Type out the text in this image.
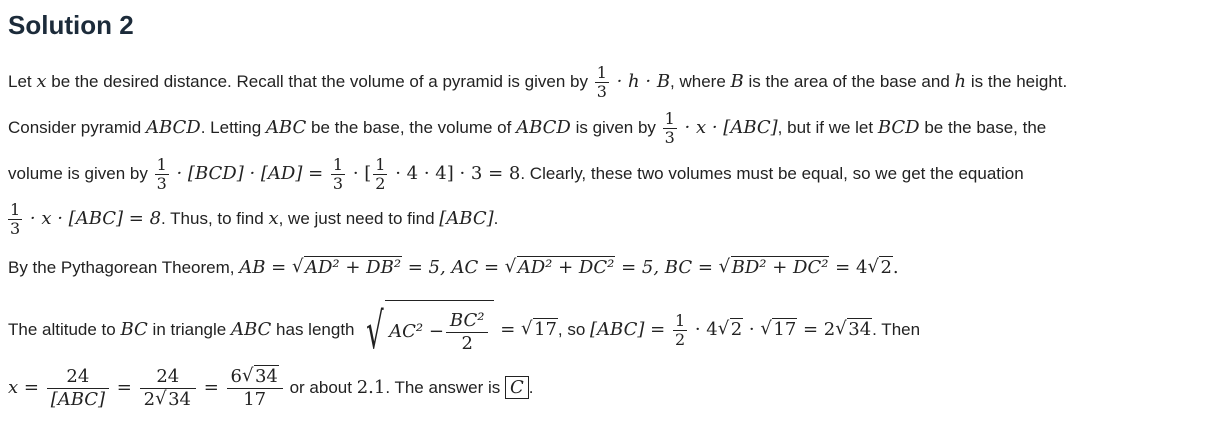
Solution 2
Let x be the desired distance. Recall that the volume of a pyramid is given by $\frac{1}{3} \cdot h \cdot B$, where B is the area of the base and h is the height.
Consider pyramid ABCD. Letting ABC be the base, the volume of ABCD is given by $\frac{1}{3} \cdot x \cdot [ABC]$, but if we let BCD be the base, the
volume is given by $\frac{1}{3} \cdot [BCD] \cdot [AD] = \frac{1}{3}$ · [ $\frac{1}{2} \cdot 4 \cdot 4] \cdot 3 = 8$. Clearly, these two volumes must be equal, so we get the equation
$\frac{1}{3} \cdot x \cdot [ABC] = 8$. Thus, to find x, we just need to find [ABC].
By the Pythagorean Theorem, AB = √ AD² + DB² = 5, AC = √ AD² + DC² = 5, BC = √ BD² + DC² = 4 √ 2.
The altitude to BC in triangle ABC has length √ $AC^2 - \frac{\text{BC²}}{2}$ = √ 17, so $[ABC] = \frac{1}{2} \cdot 4$ √ 2 · √ 17 = 2 √ 34. Then
$x = \frac{24}{\text{[ABC]}} = \frac{24}{2 √ 34} = \frac{6 √ 34}{17}$ or about 2.1. The answer is C .
